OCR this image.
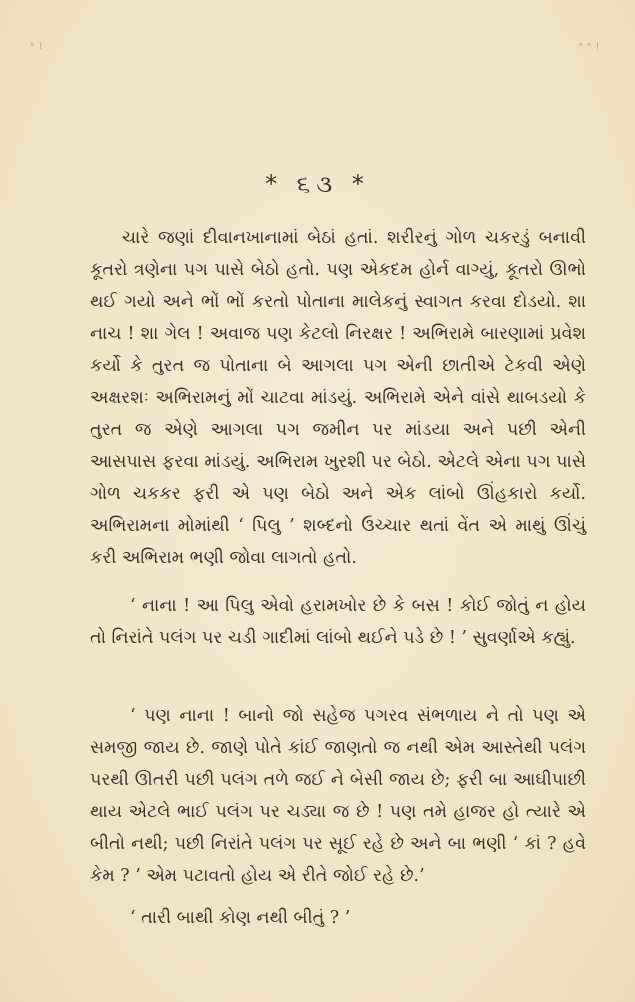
॰ ।	॰ ॰ ।
* ૬૩ *

ચારે જણાં દીવાનખાનામાં બેઠાં હતાં. શરીરનું ગોળ ચકરડું બનાવી કૂતરો ત્રણેના પગ પાસે બેઠો હતો. પણ એકદમ હોર્ન વાગ્યું, કૂતરો ઊભો થઈ ગયો અને ભોં ભોં કરતો પોતાના માલેકનું સ્વાગત કરવા દોડયો. શા નાચ ! શા ગેલ ! અવાજ પણ કેટલો નિરક્ષર ! અભિરામે બારણામાં પ્રવેશ કર્યો કે તુરત જ પોતાના બે આગલા પગ એની છાતીએ ટેકવી એણે અક્ષરશઃ અભિરામનું મોં ચાટવા માંડયું. અભિરામે એને વાંસે થાબડયો કે તુરત જ એણે આગલા પગ જમીન પર માંડયા અને પછી એની આસપાસ ફરવા માંડયું. અભિરામ ખુરશી પર બેઠો. એટલે એના પગ પાસે ગોળ ચકકર ફરી એ પણ બેઠો અને એક લાંબો ઊંહકારો કર્યો. અભિરામના મોમાંથી ‘ પિલુ ’ શબ્દનો ઉચ્ચાર થતાં વેંત એ માથું ઊંચું કરી અભિરામ ભણી જોવા લાગતો હતો.

‘ નાના ! આ પિલુ એવો હરામખોર છે કે બસ ! કોઈ જોતું ન હોય તો નિરાંતે પલંગ પર ચડી ગાદીમાં લાંબો થઈને પડે છે ! ’ સુવર્ણાએ કહ્યું.

‘ પણ નાના ! બાનો જો સહેજ પગરવ સંભળાય ને તો પણ એ સમજી જાય છે. જાણે પોતે કાંઈ જાણતો જ નથી એમ આસ્તેથી પલંગ પરથી ઊતરી પછી પલંગ તળે જઈ ને બેસી જાય છે; ફરી બા આઘીપાછી થાય એટલે ભાઈ પલંગ પર ચડ્યા જ છે ! પણ તમે હાજર હો ત્યારે એ બીતો નથી; પછી નિરાંતે પલંગ પર સૂઈ રહે છે અને બા ભણી ‘ કાં ? હવે કેમ ? ’ એમ પટાવતો હોય એ રીતે જોઈ રહે છે.’

‘ તારી બાથી કોણ નથી બીતું ? ’
